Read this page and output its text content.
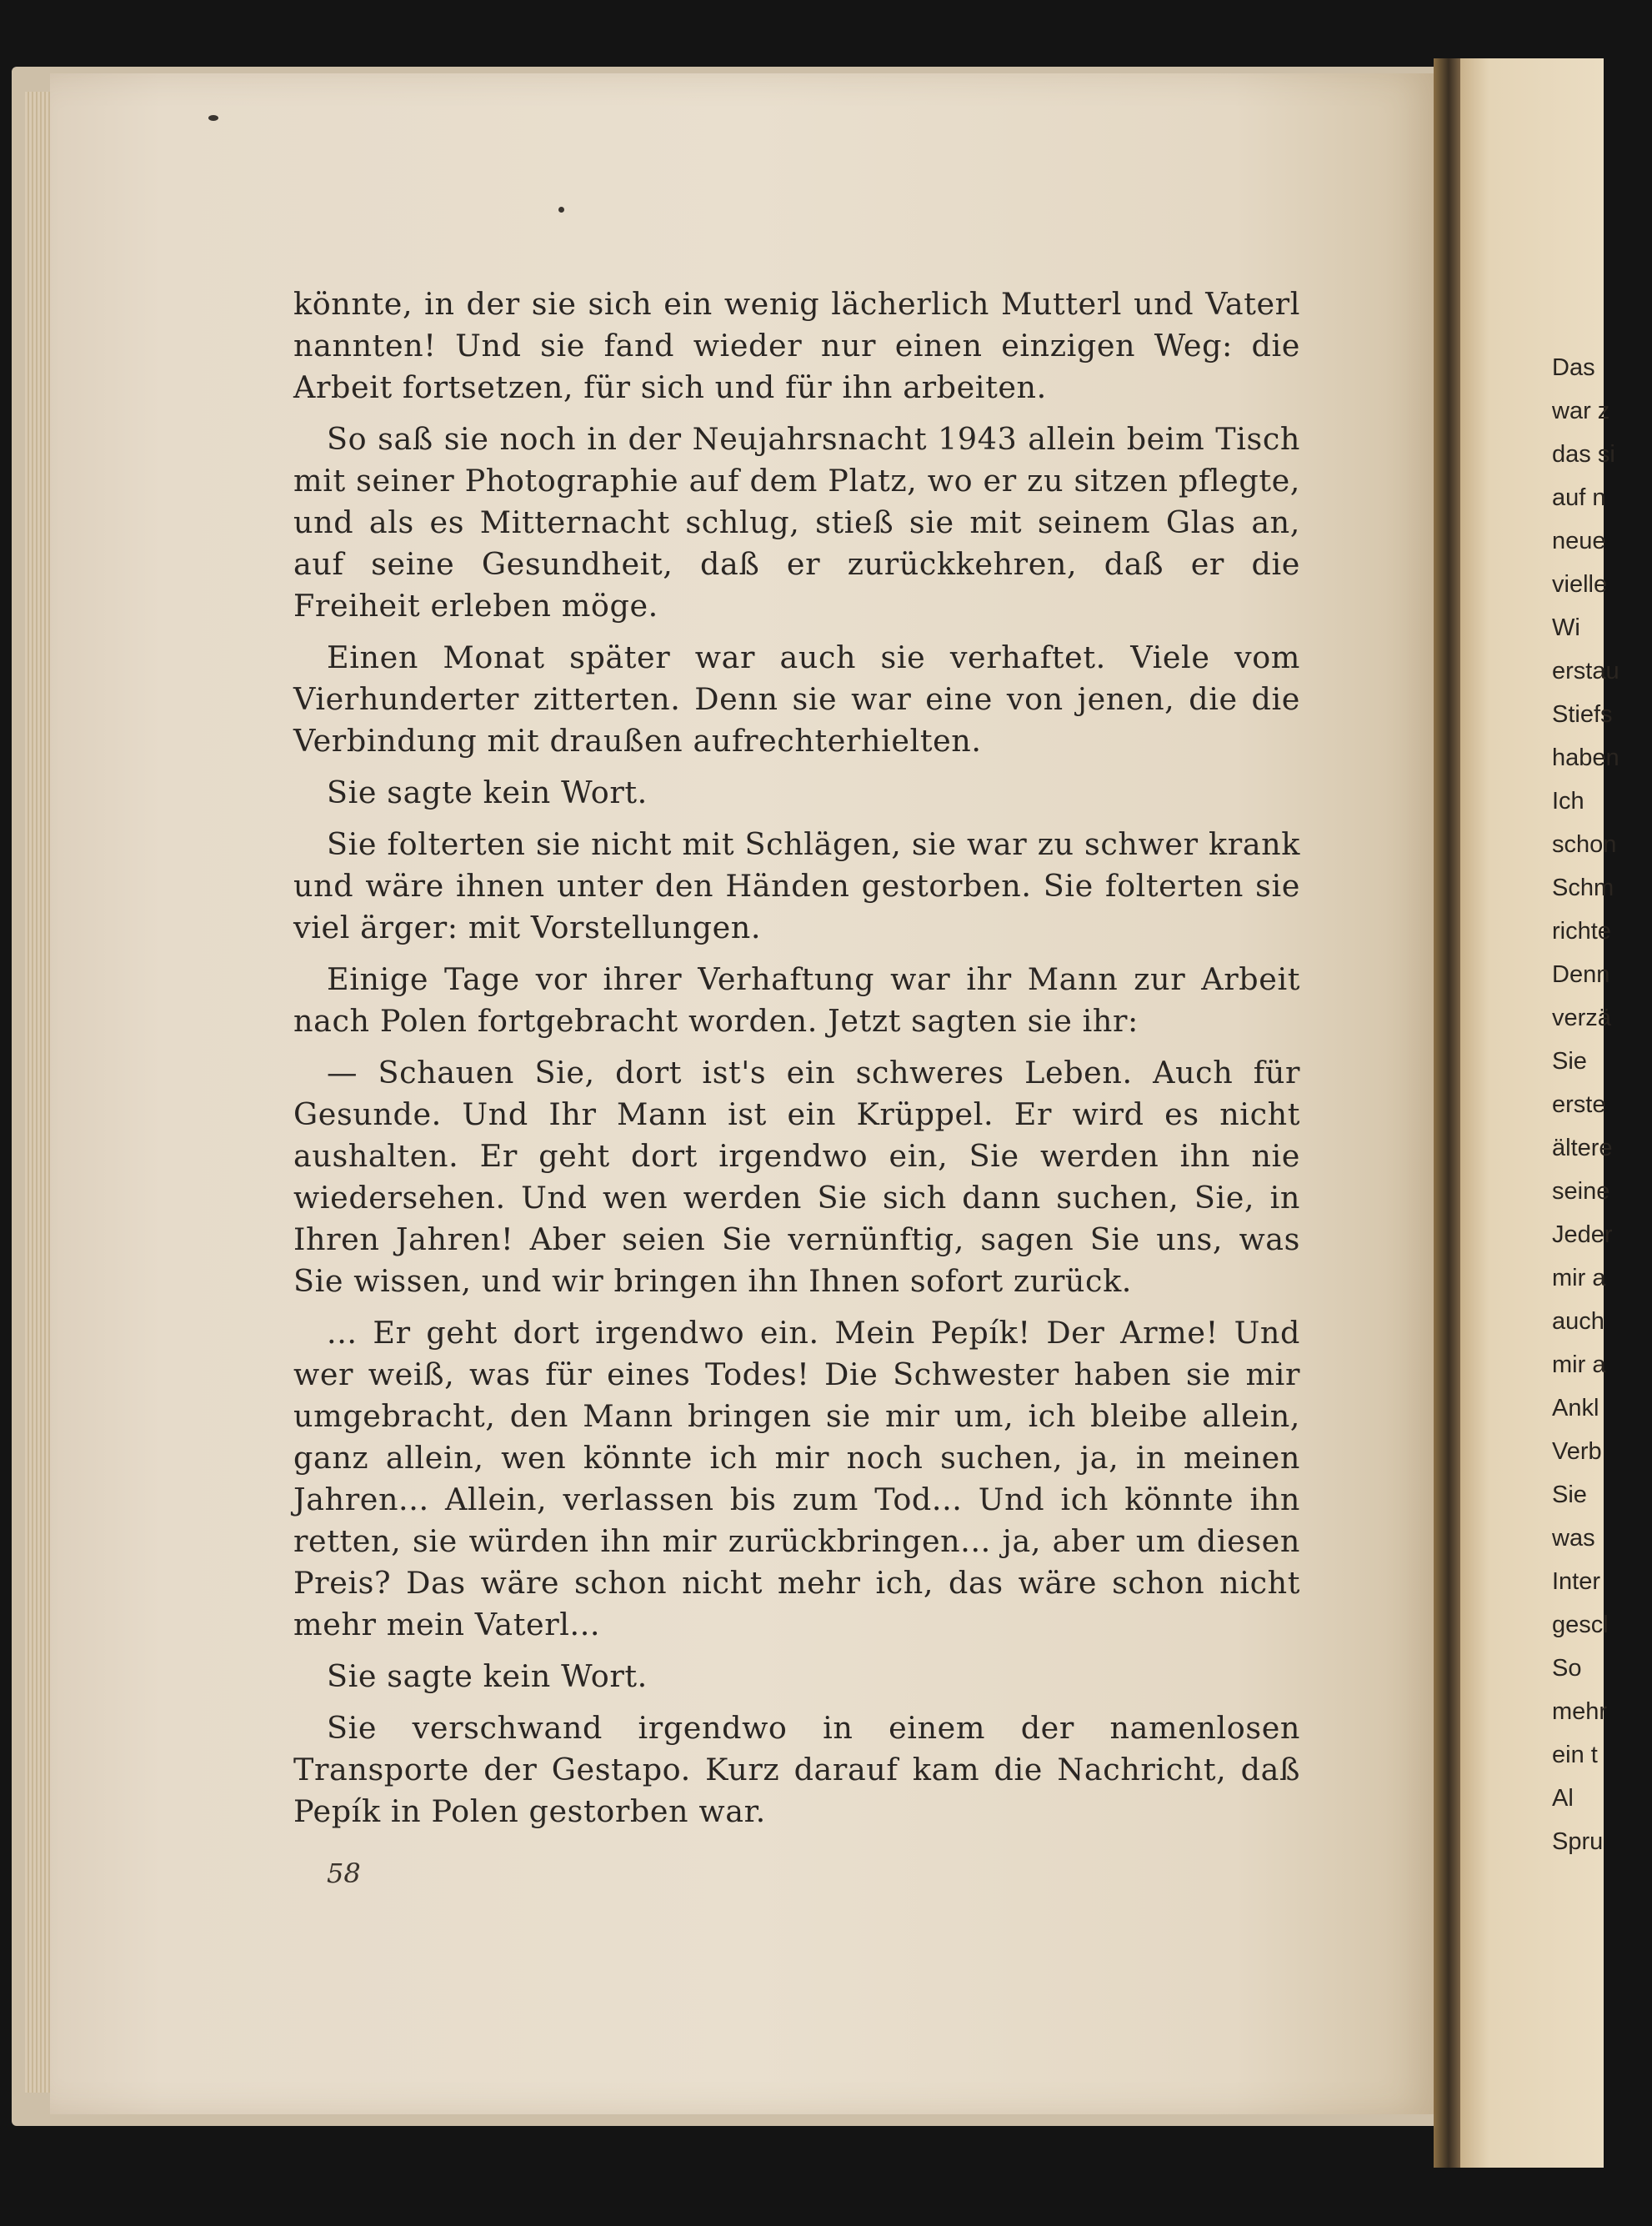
Das
war z
das si
auf n
neue
vielle
Wi
erstau
Stiefs
haben
Ich
schon
Schm
richte
Denn
verzä
Sie
erste
ältere
seine
Jeder
mir a
auch
mir a
Ankl
Verb
Sie
was
Inter
gescl
So
mehr
ein t
Al
Spru

könnte, in der sie sich ein wenig lächerlich Mutterl und Vaterl nannten! Und sie fand wieder nur einen einzigen Weg: die Arbeit fortsetzen, für sich und für ihn arbeiten.

So saß sie noch in der Neujahrsnacht 1943 allein beim Tisch mit seiner Photographie auf dem Platz, wo er zu sitzen pflegte, und als es Mitternacht schlug, stieß sie mit seinem Glas an, auf seine Gesundheit, daß er zurückkehren, daß er die Freiheit erleben möge.

Einen Monat später war auch sie verhaftet. Viele vom Vierhunderter zitterten. Denn sie war eine von jenen, die die Verbindung mit draußen aufrechterhielten.

Sie sagte kein Wort.

Sie folterten sie nicht mit Schlägen, sie war zu schwer krank und wäre ihnen unter den Händen gestorben. Sie folterten sie viel ärger: mit Vorstellungen.

Einige Tage vor ihrer Verhaftung war ihr Mann zur Arbeit nach Polen fortgebracht worden. Jetzt sagten sie ihr:

— Schauen Sie, dort ist's ein schweres Leben. Auch für Gesunde. Und Ihr Mann ist ein Krüppel. Er wird es nicht aushalten. Er geht dort irgendwo ein, Sie werden ihn nie wiedersehen. Und wen werden Sie sich dann suchen, Sie, in Ihren Jahren! Aber seien Sie vernünftig, sagen Sie uns, was Sie wissen, und wir bringen ihn Ihnen sofort zurück.

... Er geht dort irgendwo ein. Mein Pepík! Der Arme! Und wer weiß, was für eines Todes! Die Schwester haben sie mir umgebracht, den Mann bringen sie mir um, ich bleibe allein, ganz allein, wen könnte ich mir noch suchen, ja, in meinen Jahren... Allein, verlassen bis zum Tod... Und ich könnte ihn retten, sie würden ihn mir zurückbringen... ja, aber um diesen Preis? Das wäre schon nicht mehr ich, das wäre schon nicht mehr mein Vaterl...

Sie sagte kein Wort.

Sie verschwand irgendwo in einem der namenlosen Transporte der Gestapo. Kurz darauf kam die Nachricht, daß Pepík in Polen gestorben war.

58
